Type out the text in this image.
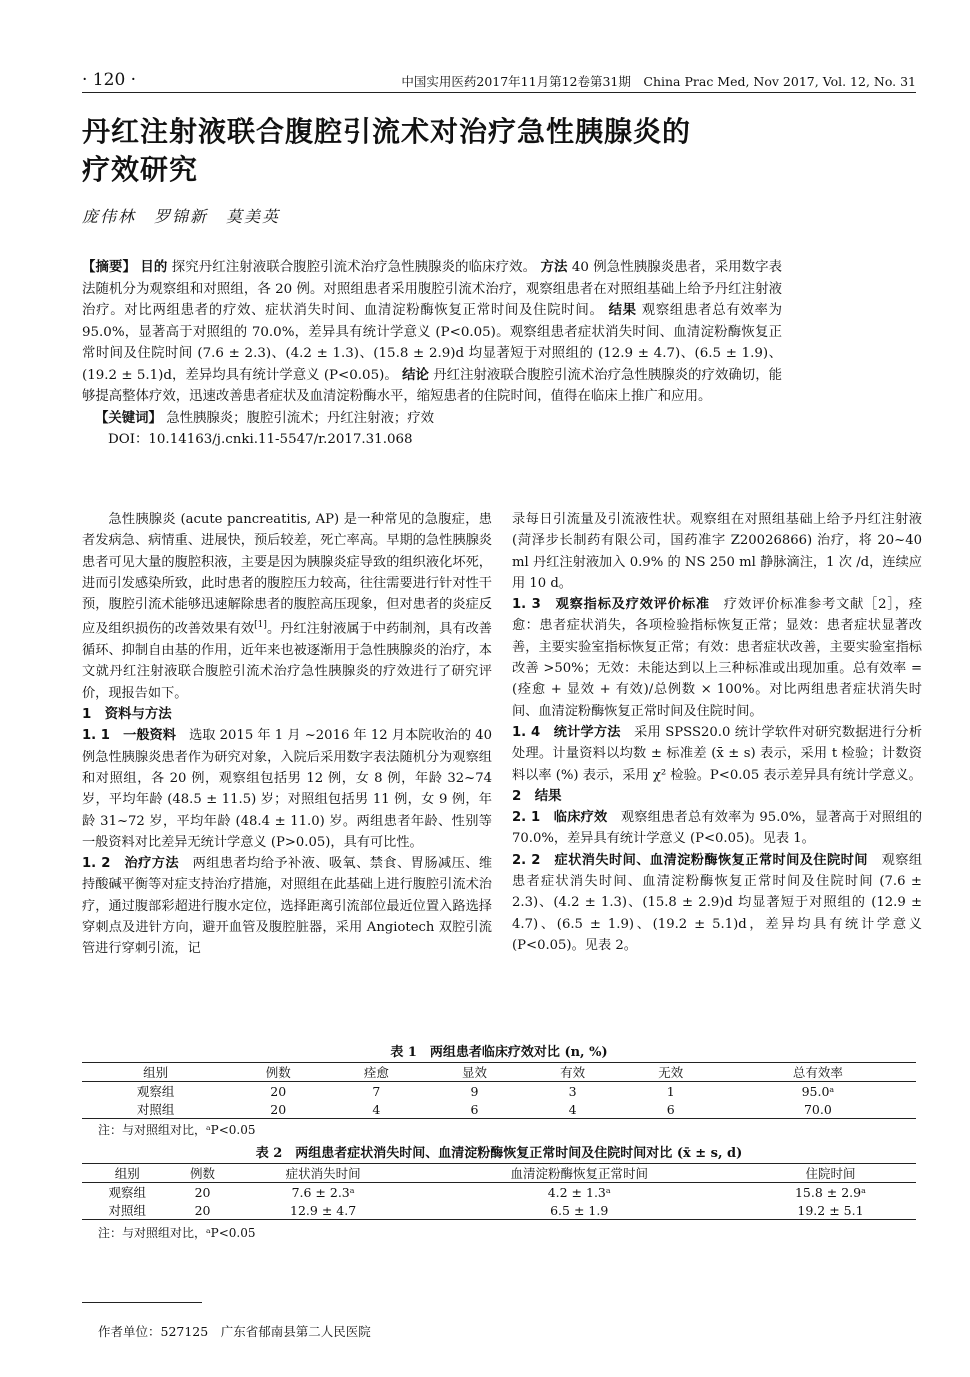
· 120 ·	中国实用医药2017年11月第12卷第31期　China Prac Med, Nov 2017, Vol. 12, No. 31
丹红注射液联合腹腔引流术对治疗急性胰腺炎的
疗效研究
庞伟林　罗锦新　莫美英

【摘要】 目的 探究丹红注射液联合腹腔引流术治疗急性胰腺炎的临床疗效。 方法 40 例急性胰腺炎患者，采用数字表法随机分为观察组和对照组，各 20 例。对照组患者采用腹腔引流术治疗，观察组患者在对照组基础上给予丹红注射液治疗。对比两组患者的疗效、症状消失时间、血清淀粉酶恢复正常时间及住院时间。 结果 观察组患者总有效率为 95.0%，显著高于对照组的 70.0%，差异具有统计学意义 (P<0.05)。观察组患者症状消失时间、血清淀粉酶恢复正常时间及住院时间 (7.6 ± 2.3)、(4.2 ± 1.3)、(15.8 ± 2.9)d 均显著短于对照组的 (12.9 ± 4.7)、(6.5 ± 1.9)、(19.2 ± 5.1)d，差异均具有统计学意义 (P<0.05)。 结论 丹红注射液联合腹腔引流术治疗急性胰腺炎的疗效确切，能够提高整体疗效，迅速改善患者症状及血清淀粉酶水平，缩短患者的住院时间，值得在临床上推广和应用。

【关键词】 急性胰腺炎；腹腔引流术；丹红注射液；疗效

DOI：10.14163/j.cnki.11-5547/r.2017.31.068

急性胰腺炎 (acute pancreatitis, AP) 是一种常见的急腹症，患者发病急、病情重、进展快，预后较差，死亡率高。早期的急性胰腺炎患者可见大量的腹腔积液，主要是因为胰腺炎症导致的组织液化坏死，进而引发感染所致，此时患者的腹腔压力较高，往往需要进行针对性干预，腹腔引流术能够迅速解除患者的腹腔高压现象，但对患者的炎症反应及组织损伤的改善效果有效[1]。丹红注射液属于中药制剂，具有改善循环、抑制自由基的作用，近年来也被逐渐用于急性胰腺炎的治疗，本文就丹红注射液联合腹腔引流术治疗急性胰腺炎的疗效进行了研究评价，现报告如下。

1　资料与方法

1. 1　一般资料　 选取 2015 年 1 月 ~2016 年 12 月本院收治的 40 例急性胰腺炎患者作为研究对象，入院后采用数字表法随机分为观察组和对照组，各 20 例，观察组包括男 12 例，女 8 例，年龄 32~74 岁，平均年龄 (48.5 ± 11.5) 岁；对照组包括男 11 例，女 9 例，年龄 31~72 岁，平均年龄 (48.4 ± 11.0) 岁。两组患者年龄、性别等一般资料对比差异无统计学意义 (P>0.05)，具有可比性。

1. 2　治疗方法　 两组患者均给予补液、吸氧、禁食、胃肠减压、维持酸碱平衡等对症支持治疗措施，对照组在此基础上进行腹腔引流术治疗，通过腹部彩超进行腹水定位，选择距离引流部位最近位置入路选择穿刺点及进针方向，避开血管及腹腔脏器，采用 Angiotech 双腔引流管进行穿刺引流，记

录每日引流量及引流液性状。观察组在对照组基础上给予丹红注射液 (菏泽步长制药有限公司，国药准字 Z20026866) 治疗，将 20~40 ml 丹红注射液加入 0.9% 的 NS 250 ml 静脉滴注，1 次 /d，连续应用 10 d。

1. 3　观察指标及疗效评价标准　 疗效评价标准参考文献［2］，痊愈：患者症状消失，各项检验指标恢复正常；显效：患者症状显著改善，主要实验室指标恢复正常；有效：患者症状改善，主要实验室指标改善 >50%；无效：未能达到以上三种标准或出现加重。总有效率 =(痊愈 + 显效 + 有效)/总例数 × 100%。对比两组患者症状消失时间、血清淀粉酶恢复正常时间及住院时间。

1. 4　统计学方法　 采用 SPSS20.0 统计学软件对研究数据进行分析处理。计量资料以均数 ± 标准差 (x̄ ± s) 表示，采用 t 检验；计数资料以率 (%) 表示，采用 χ² 检验。P<0.05 表示差异具有统计学意义。

2　结果

2. 1　临床疗效　 观察组患者总有效率为 95.0%，显著高于对照组的 70.0%，差异具有统计学意义 (P<0.05)。见表 1。

2. 2　症状消失时间、血清淀粉酶恢复正常时间及住院时间　 观察组患者症状消失时间、血清淀粉酶恢复正常时间及住院时间 (7.6 ± 2.3)、(4.2 ± 1.3)、(15.8 ± 2.9)d 均显著短于对照组的 (12.9 ± 4.7)、(6.5 ± 1.9)、(19.2 ± 5.1)d，差异均具有统计学意义 (P<0.05)。见表 2。

表 1　两组患者临床疗效对比 (n, %)
组别	例数	痊愈	显效	有效	无效	总有效率
观察组	20	7	9	3	1	95.0ᵃ
对照组	20	4	6	4	6	70.0
注：与对照组对比，ᵃP<0.05
表 2　两组患者症状消失时间、血清淀粉酶恢复正常时间及住院时间对比 (x̄ ± s, d)
组别	例数	症状消失时间	血清淀粉酶恢复正常时间	住院时间
观察组	20	7.6 ± 2.3ᵃ	4.2 ± 1.3ᵃ	15.8 ± 2.9ᵃ
对照组	20	12.9 ± 4.7	6.5 ± 1.9	19.2 ± 5.1
注：与对照组对比，ᵃP<0.05
作者单位：527125　广东省郁南县第二人民医院
